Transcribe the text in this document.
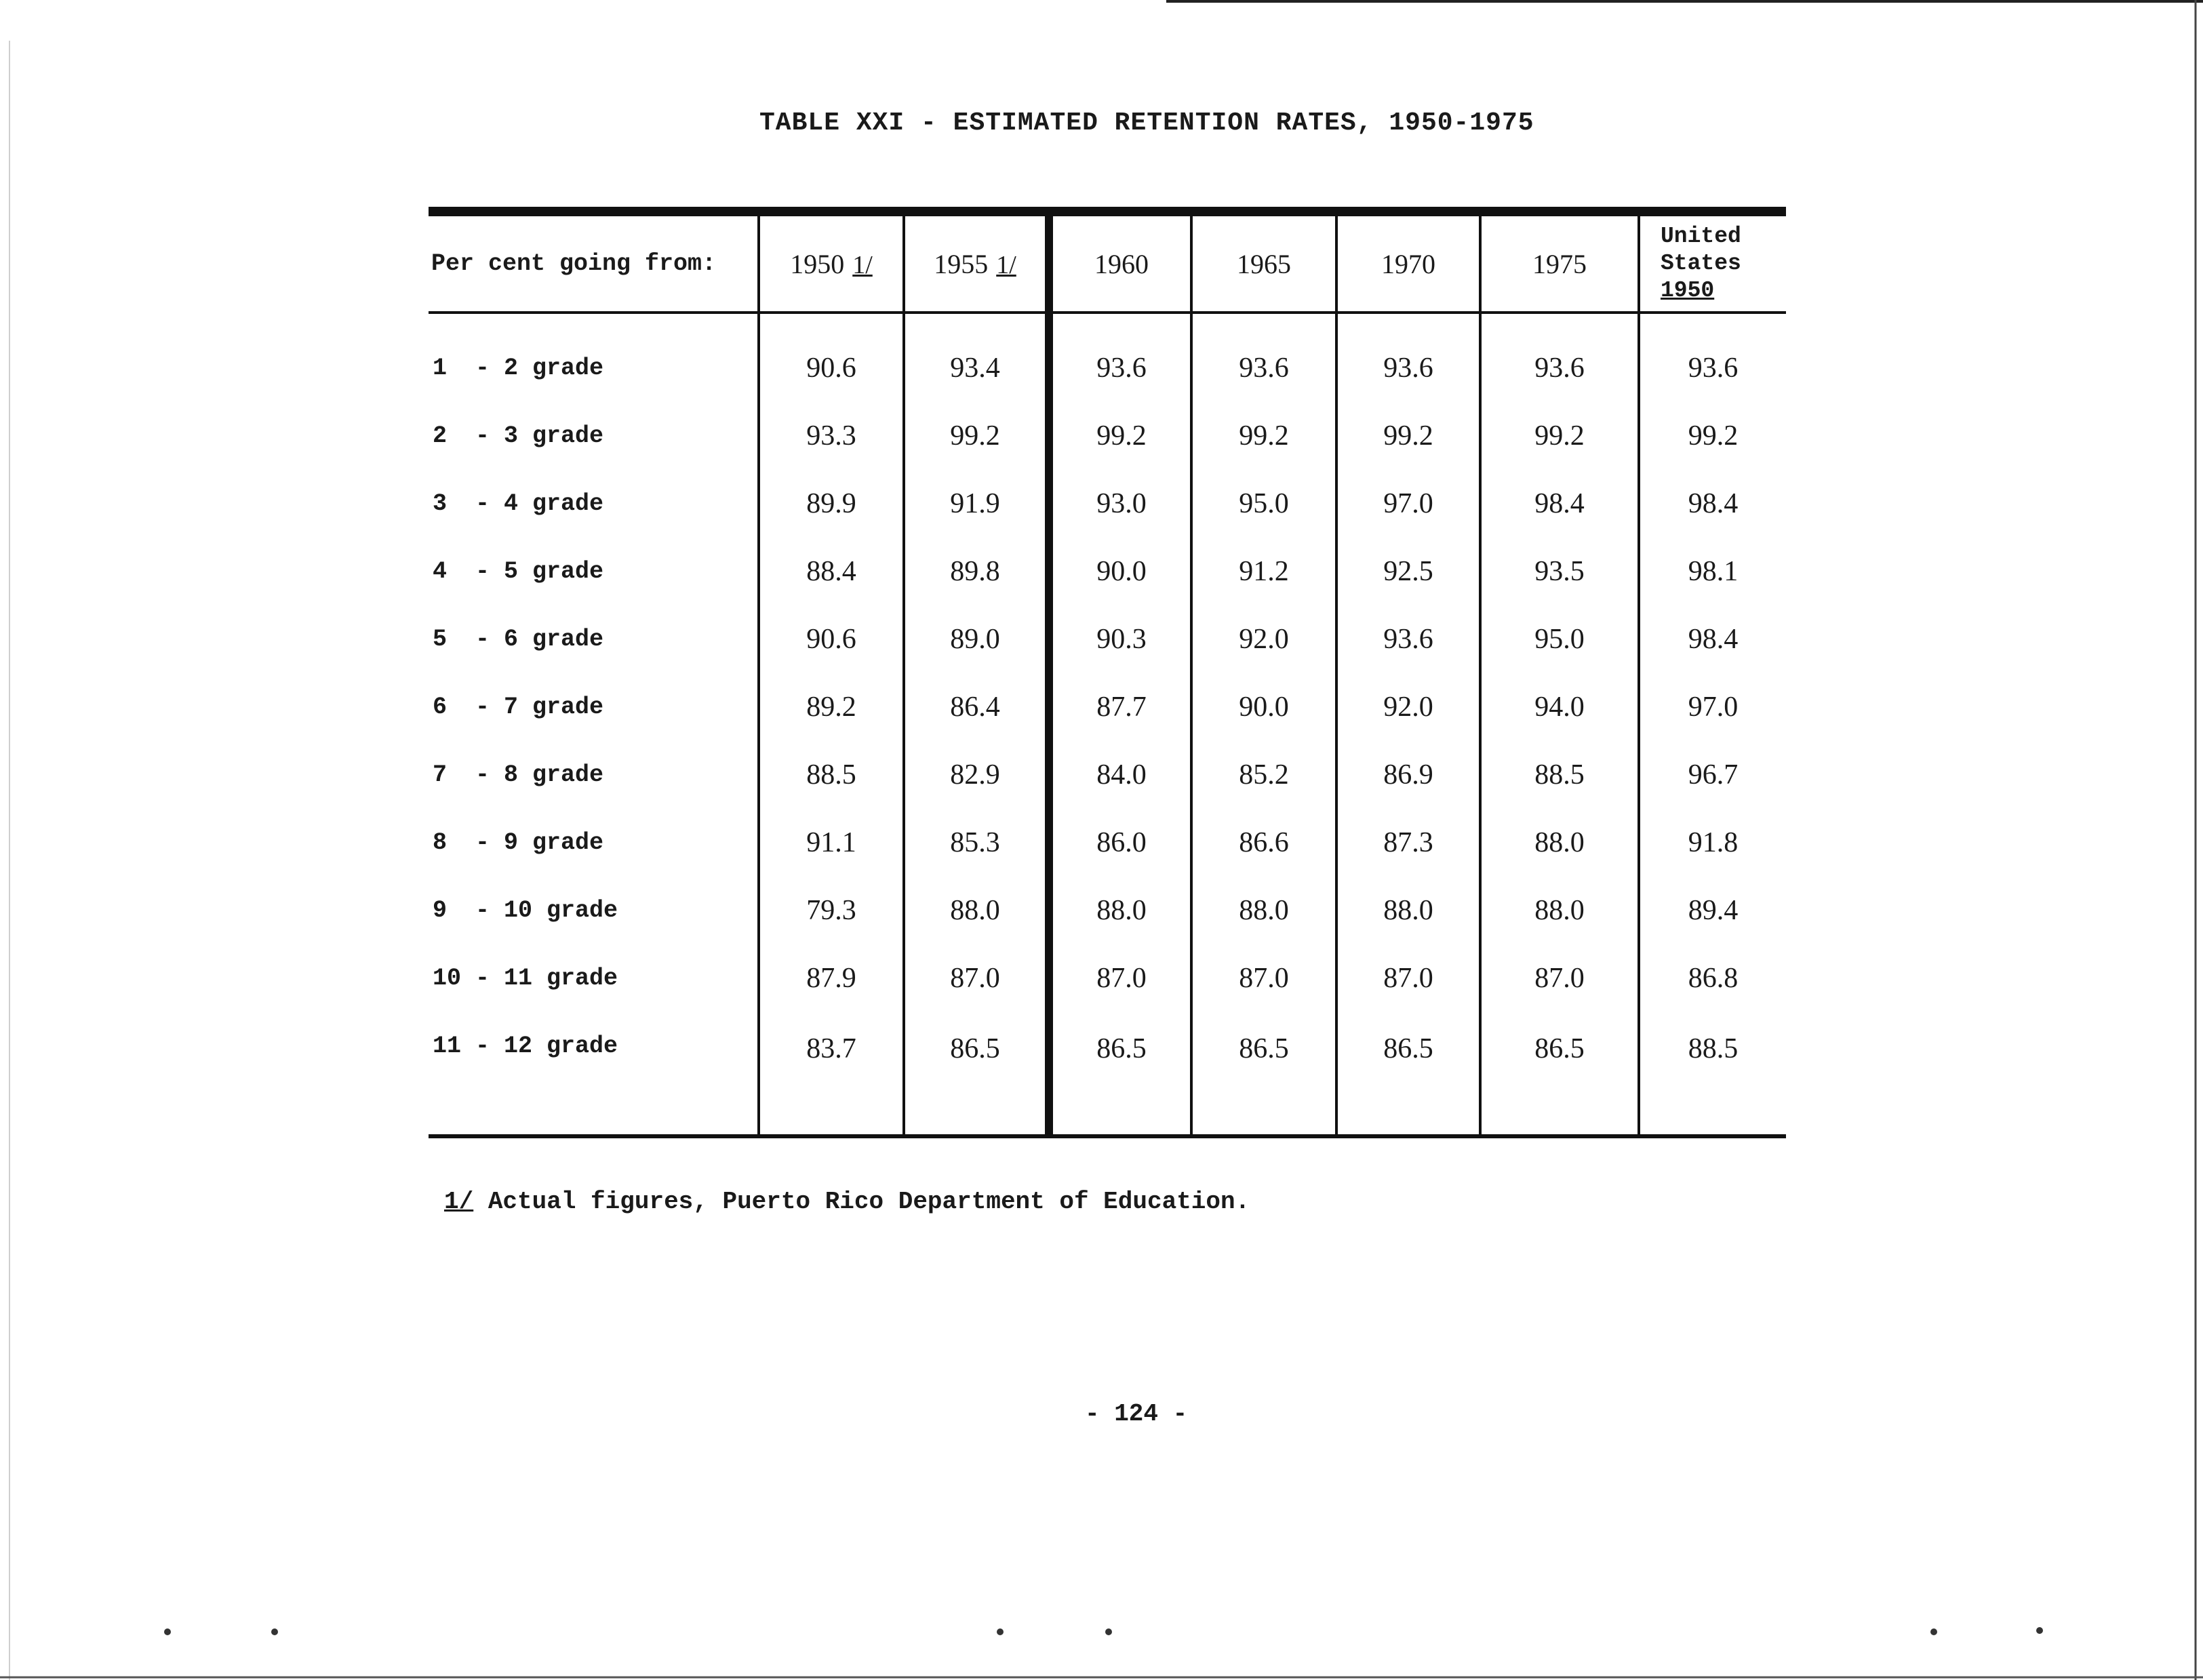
TABLE XXI - ESTIMATED RETENTION RATES, 1950-1975
Per cent going from:	1950 1/	1955 1/	1960	1965	1970	1975	United
States
1950

1  - 2 grade	90.6	93.4	93.6	93.6	93.6	93.6	93.6
2  - 3 grade	93.3	99.2	99.2	99.2	99.2	99.2	99.2
3  - 4 grade	89.9	91.9	93.0	95.0	97.0	98.4	98.4
4  - 5 grade	88.4	89.8	90.0	91.2	92.5	93.5	98.1
5  - 6 grade	90.6	89.0	90.3	92.0	93.6	95.0	98.4
6  - 7 grade	89.2	86.4	87.7	90.0	92.0	94.0	97.0
7  - 8 grade	88.5	82.9	84.0	85.2	86.9	88.5	96.7
8  - 9 grade	91.1	85.3	86.0	86.6	87.3	88.0	91.8
9  - 10 grade	79.3	88.0	88.0	88.0	88.0	88.0	89.4
10 - 11 grade	87.9	87.0	87.0	87.0	87.0	87.0	86.8
11 - 12 grade	83.7	86.5	86.5	86.5	86.5	86.5	88.5
1/ Actual figures, Puerto Rico Department of Education.
- 124 -
